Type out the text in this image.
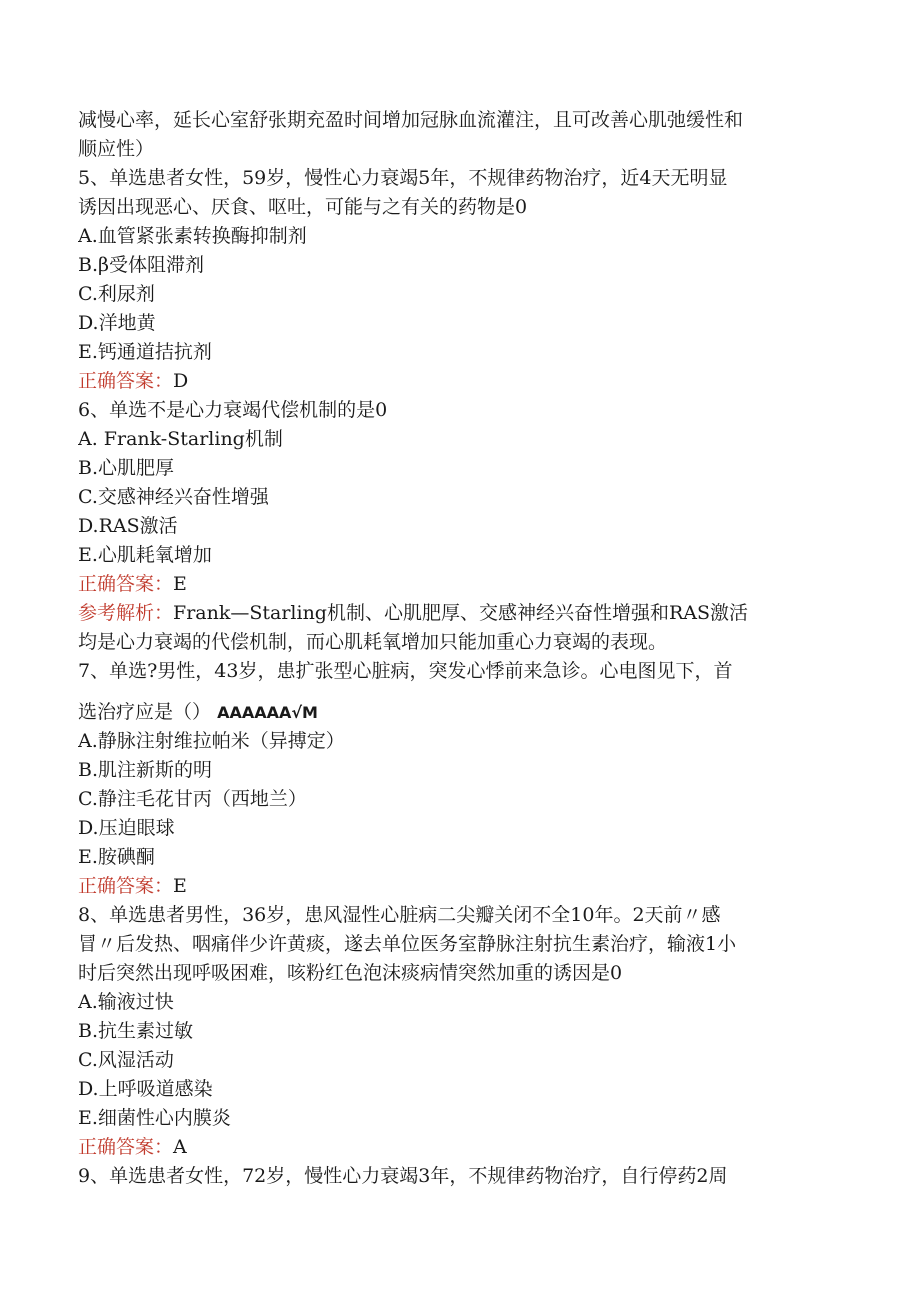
减慢心率，延长心室舒张期充盈时间增加冠脉血流灌注，且可改善心肌弛缓性和
顺应性）
5、单选患者女性，59岁，慢性心力衰竭5年，不规律药物治疗，近4天无明显
诱因出现恶心、厌食、呕吐，可能与之有关的药物是0
A.血管紧张素转换酶抑制剂
B.β受体阻滞剂
C.利尿剂
D.洋地黄
E.钙通道拮抗剂
正确答案：D
6、单选不是心力衰竭代偿机制的是0
A. Frank-Starling机制
B.心肌肥厚
C.交感神经兴奋性增强
D.RAS激活
E.心肌耗氧增加
正确答案：E
参考解析：Frank—Starling机制、心肌肥厚、交感神经兴奋性增强和RAS激活
均是心力衰竭的代偿机制，而心肌耗氧增加只能加重心力衰竭的表现。
7、单选?男性，43岁，患扩张型心脏病，突发心悸前来急诊。心电图见下，首
选治疗应是（） AAAAAA√M
A.静脉注射维拉帕米（异搏定）
B.肌注新斯的明
C.静注毛花甘丙（西地兰）
D.压迫眼球
E.胺碘酮
正确答案：E
8、单选患者男性，36岁，患风湿性心脏病二尖瓣关闭不全10年。2天前〃感
冒〃后发热、咽痛伴少许黄痰，遂去单位医务室静脉注射抗生素治疗，输液1小
时后突然出现呼吸困难，咳粉红色泡沫痰病情突然加重的诱因是0
A.输液过快
B.抗生素过敏
C.风湿活动
D.上呼吸道感染
E.细菌性心内膜炎
正确答案：A
9、单选患者女性，72岁，慢性心力衰竭3年，不规律药物治疗，自行停药2周
